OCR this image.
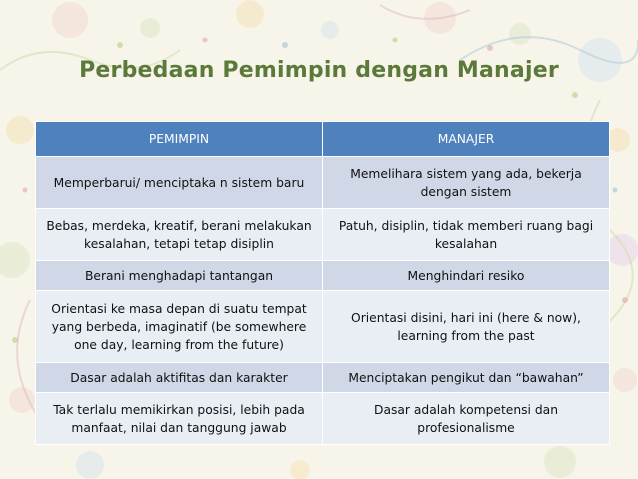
Perbedaan Pemimpin dengan Manajer
PEMIMPIN	MANAJER
Memperbarui/ menciptaka n sistem baru	Memelihara sistem yang ada, bekerja dengan sistem
Bebas, merdeka, kreatif, berani melakukan kesalahan, tetapi tetap disiplin	Patuh, disiplin, tidak memberi ruang bagi kesalahan
Berani menghadapi tantangan	Menghindari resiko
Orientasi ke masa depan di suatu tempat yang berbeda, imaginatif (be somewhere one day, learning from the future)	Orientasi disini, hari ini (here & now), learning from the past
Dasar adalah aktifitas dan karakter	Menciptakan pengikut dan “bawahan”
Tak terlalu memikirkan posisi, lebih pada manfaat, nilai dan tanggung jawab	Dasar adalah kompetensi dan profesionalisme
